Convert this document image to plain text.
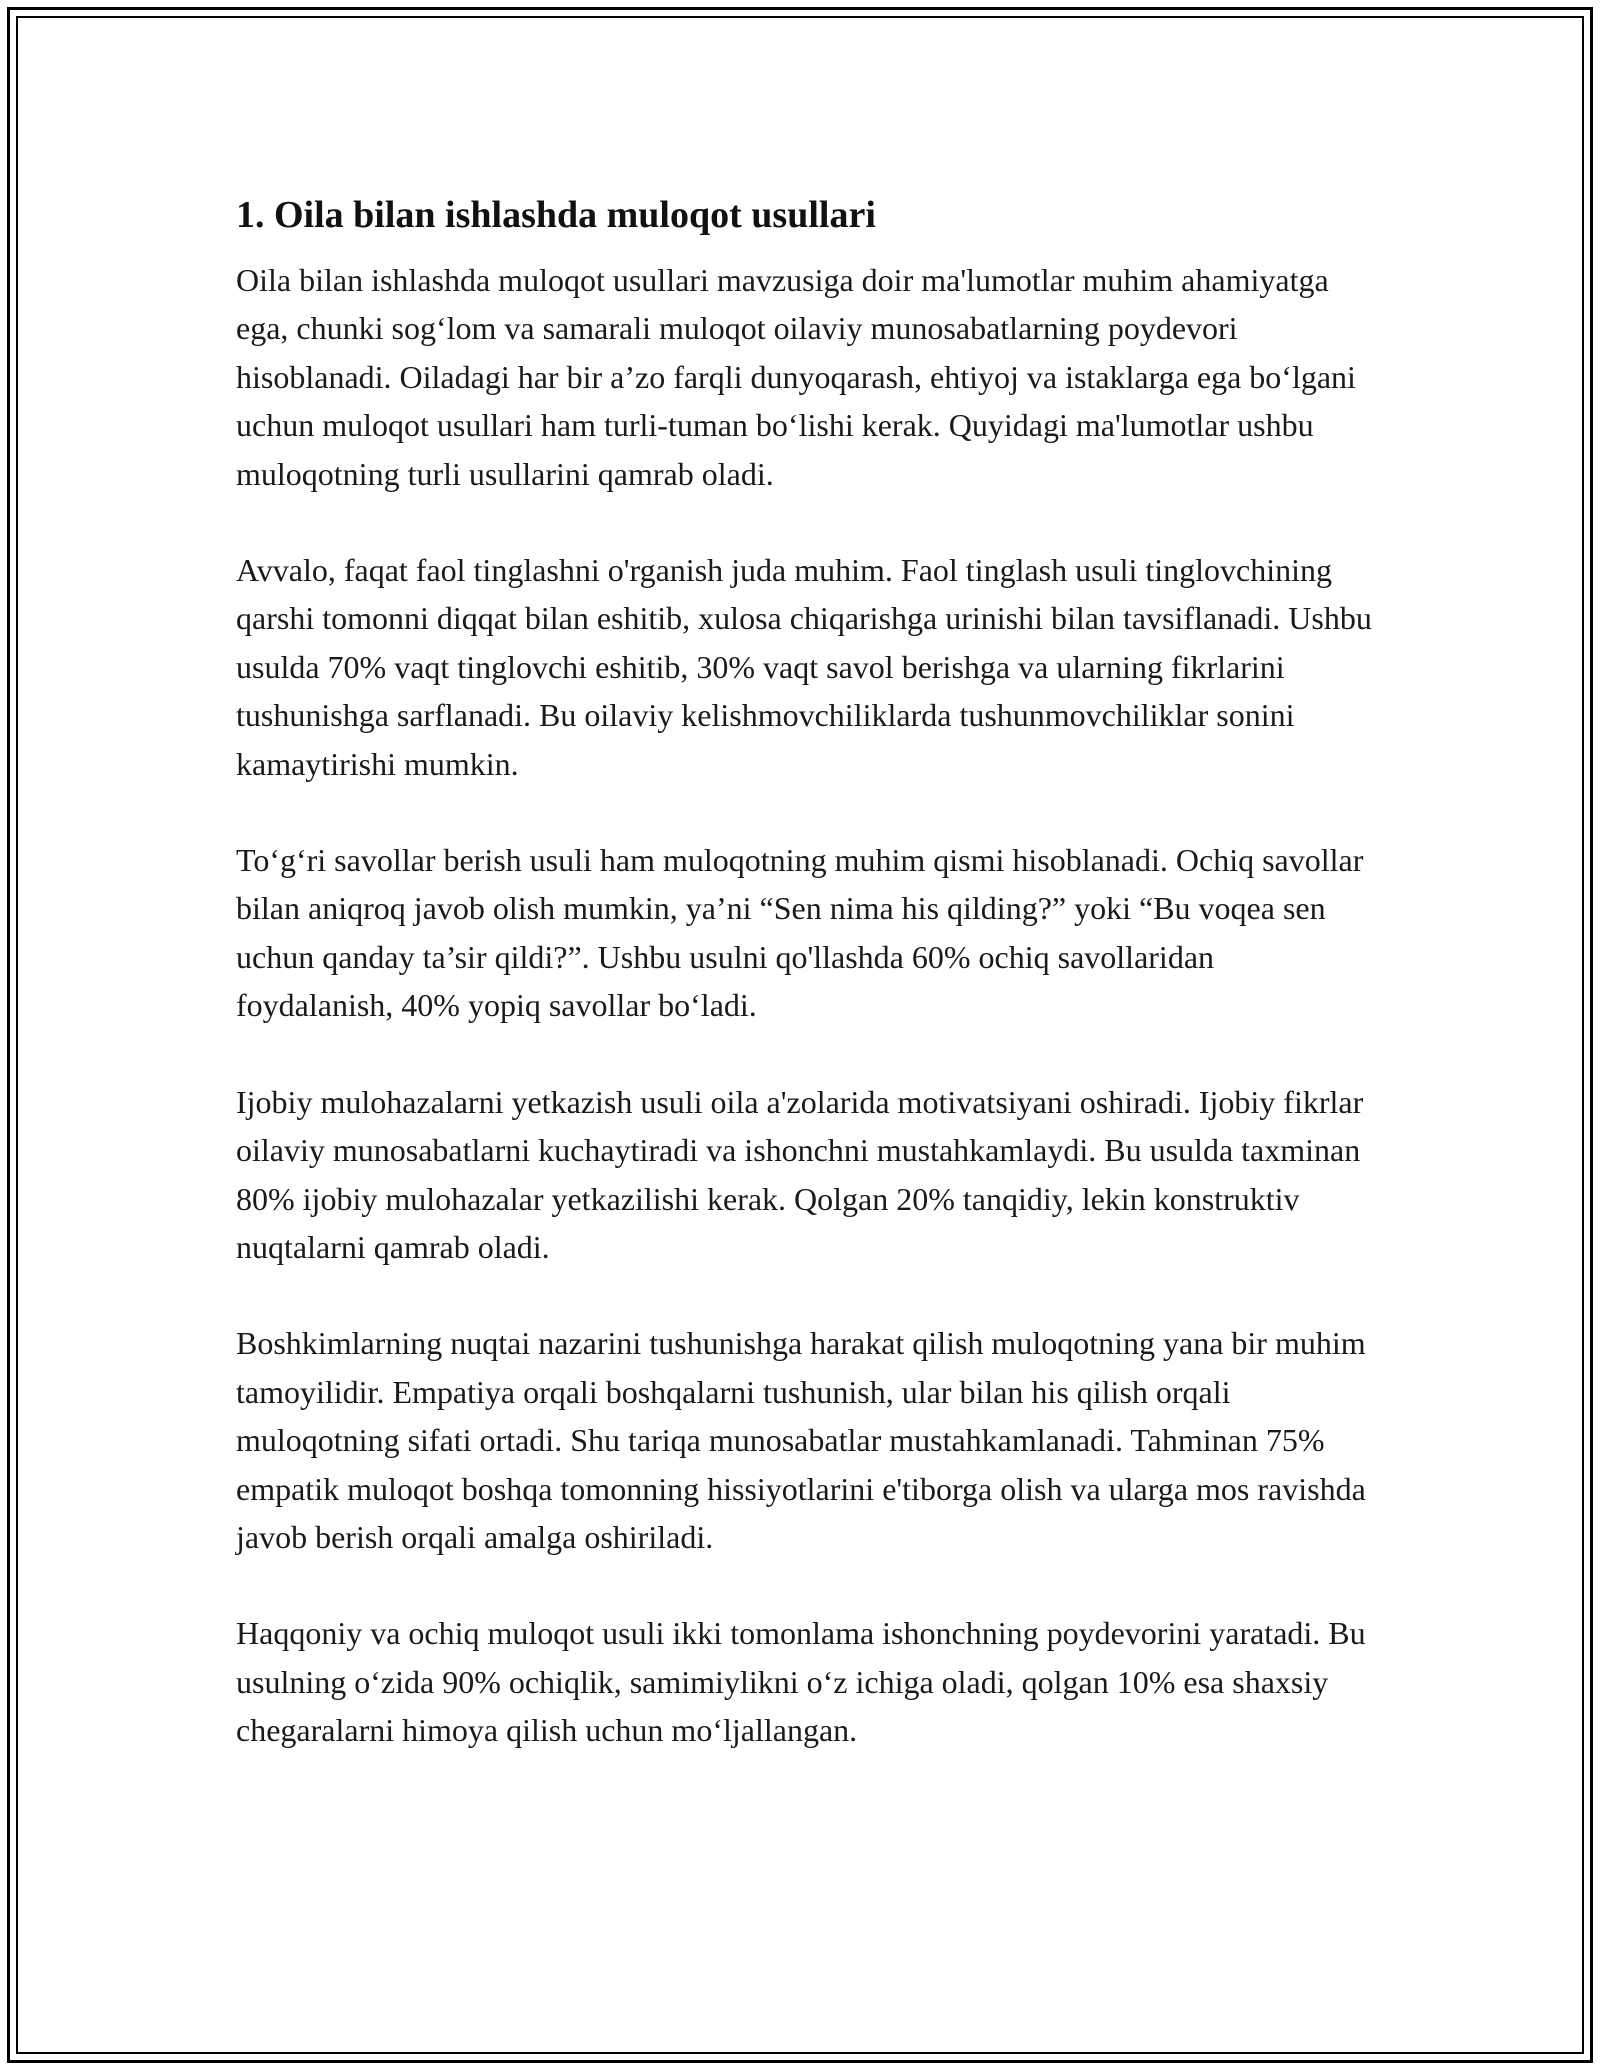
1. Oila bilan ishlashda muloqot usullari

Oila bilan ishlashda muloqot usullari mavzusiga doir ma'lumotlar muhim ahamiyatga ega, chunki sog‘lom va samarali muloqot oilaviy munosabatlarning poydevori hisoblanadi. Oiladagi har bir a’zo farqli dunyoqarash, ehtiyoj va istaklarga ega bo‘lgani uchun muloqot usullari ham turli-tuman bo‘lishi kerak. Quyidagi ma'lumotlar ushbu muloqotning turli usullarini qamrab oladi.

Avvalo, faqat faol tinglashni o'rganish juda muhim. Faol tinglash usuli tinglovchining qarshi tomonni diqqat bilan eshitib, xulosa chiqarishga urinishi bilan tavsiflanadi. Ushbu usulda 70% vaqt tinglovchi eshitib, 30% vaqt savol berishga va ularning fikrlarini tushunishga sarflanadi. Bu oilaviy kelishmovchiliklarda tushunmovchiliklar sonini kamaytirishi mumkin.

To‘g‘ri savollar berish usuli ham muloqotning muhim qismi hisoblanadi. Ochiq savollar bilan aniqroq javob olish mumkin, ya’ni “Sen nima his qilding?” yoki “Bu voqea sen uchun qanday ta’sir qildi?”. Ushbu usulni qo'llashda 60% ochiq savollaridan foydalanish, 40% yopiq savollar bo‘ladi.

Ijobiy mulohazalarni yetkazish usuli oila a'zolarida motivatsiyani oshiradi. Ijobiy fikrlar oilaviy munosabatlarni kuchaytiradi va ishonchni mustahkamlaydi. Bu usulda taxminan 80% ijobiy mulohazalar yetkazilishi kerak. Qolgan 20% tanqidiy, lekin konstruktiv nuqtalarni qamrab oladi.

Boshkimlarning nuqtai nazarini tushunishga harakat qilish muloqotning yana bir muhim tamoyilidir. Empatiya orqali boshqalarni tushunish, ular bilan his qilish orqali muloqotning sifati ortadi. Shu tariqa munosabatlar mustahkamlanadi. Tahminan 75% empatik muloqot boshqa tomonning hissiyotlarini e'tiborga olish va ularga mos ravishda javob berish orqali amalga oshiriladi.

Haqqoniy va ochiq muloqot usuli ikki tomonlama ishonchning poydevorini yaratadi. Bu usulning o‘zida 90% ochiqlik, samimiylikni o‘z ichiga oladi, qolgan 10% esa shaxsiy chegaralarni himoya qilish uchun mo‘ljallangan.
